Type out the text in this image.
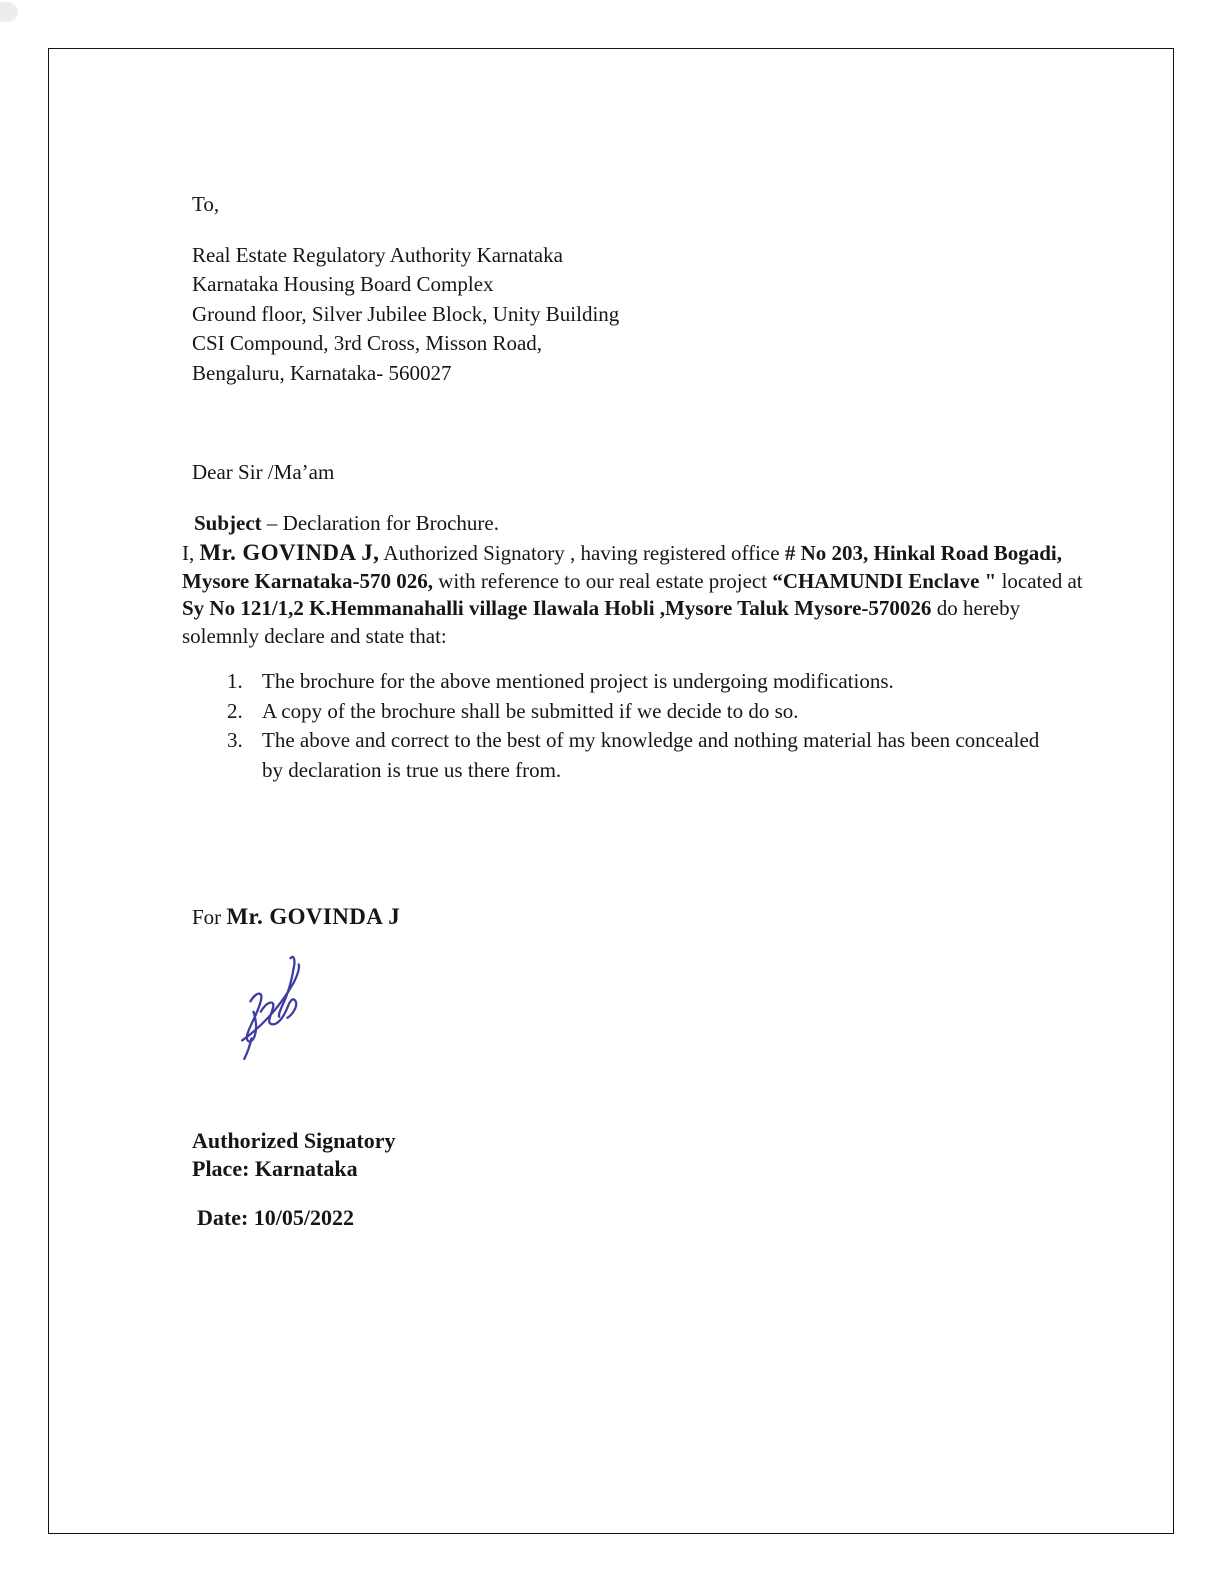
To,
Real Estate Regulatory Authority Karnataka
Karnataka Housing Board Complex
Ground floor, Silver Jubilee Block, Unity Building
CSI Compound, 3rd Cross, Misson Road,
Bengaluru, Karnataka- 560027
Dear Sir /Ma’am

Subject – Declaration for Brochure.

I, Mr. GOVINDA J, Authorized Signatory , having registered office # No 203, Hinkal Road Bogadi, Mysore Karnataka-570 026, with reference to our real estate project “CHAMUNDI Enclave " located at Sy No 121/1,2 K.Hemmanahalli village Ilawala Hobli ,Mysore Taluk Mysore-570026 do hereby solemnly declare and state that:

1. The brochure for the above mentioned project is undergoing modifications.
2. A copy of the brochure shall be submitted if we decide to do so.
3. The above and correct to the best of my knowledge and nothing material has been concealed by declaration is true us there from.

For Mr. GOVINDA J

Authorized Signatory
Place: Karnataka
Date: 10/05/2022
